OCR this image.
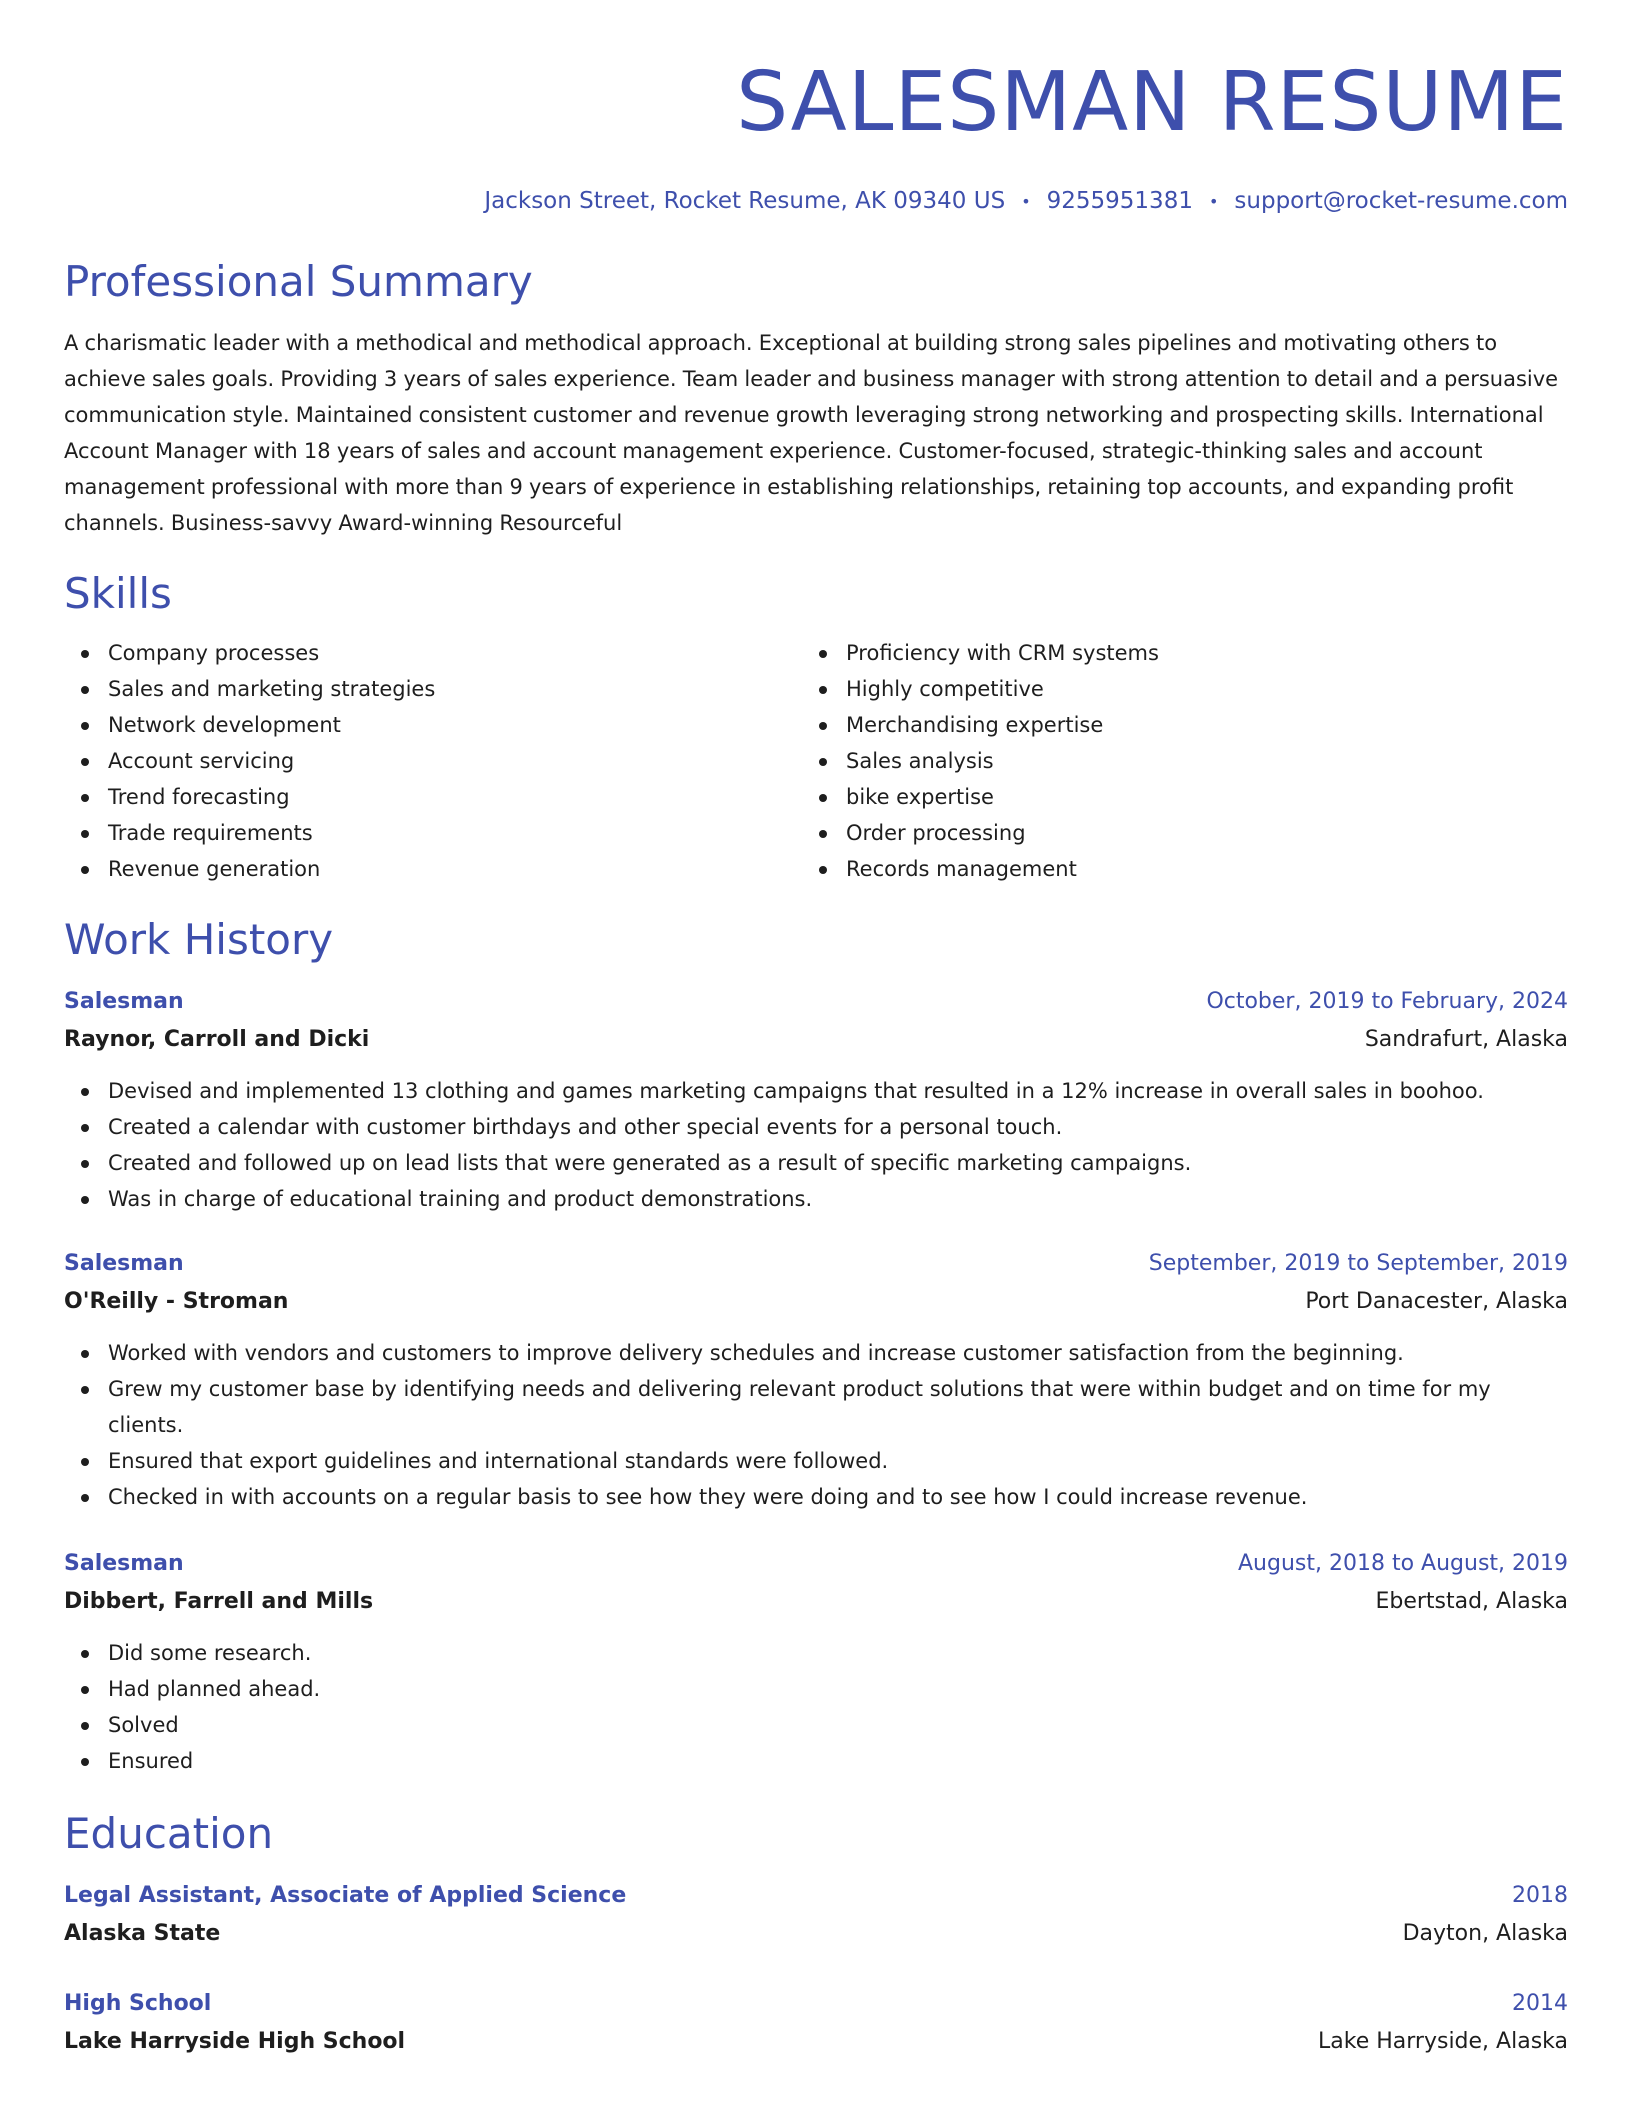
SALESMAN RESUME
Jackson Street, Rocket Resume, AK 09340 US • 9255951381 • support@rocket-resume.com
Professional Summary
A charismatic leader with a methodical and methodical approach. Exceptional at building strong sales pipelines and motivating others to achieve sales goals. Providing 3 years of sales experience. Team leader and business manager with strong attention to detail and a persuasive communication style. Maintained consistent customer and revenue growth leveraging strong networking and prospecting skills. International Account Manager with 18 years of sales and account management experience. Customer-focused, strategic-thinking sales and account management professional with more than 9 years of experience in establishing relationships, retaining top accounts, and expanding profit channels. Business-savvy Award-winning Resourceful
Skills
Company processes
Sales and marketing strategies
Network development
Account servicing
Trend forecasting
Trade requirements
Revenue generation
Proficiency with CRM systems
Highly competitive
Merchandising expertise
Sales analysis
bike expertise
Order processing
Records management
Work History
Salesman	October, 2019 to February, 2024
Raynor, Carroll and Dicki	Sandrafurt, Alaska
Devised and implemented 13 clothing and games marketing campaigns that resulted in a 12% increase in overall sales in boohoo.
Created a calendar with customer birthdays and other special events for a personal touch.
Created and followed up on lead lists that were generated as a result of specific marketing campaigns.
Was in charge of educational training and product demonstrations.
Salesman	September, 2019 to September, 2019
O'Reilly - Stroman	Port Danacester, Alaska
Worked with vendors and customers to improve delivery schedules and increase customer satisfaction from the beginning.
Grew my customer base by identifying needs and delivering relevant product solutions that were within budget and on time for my clients.
Ensured that export guidelines and international standards were followed.
Checked in with accounts on a regular basis to see how they were doing and to see how I could increase revenue.
Salesman	August, 2018 to August, 2019
Dibbert, Farrell and Mills	Ebertstad, Alaska
Did some research.
Had planned ahead.
Solved
Ensured
Education
Legal Assistant, Associate of Applied Science	2018
Alaska State	Dayton, Alaska
High School	2014
Lake Harryside High School	Lake Harryside, Alaska
